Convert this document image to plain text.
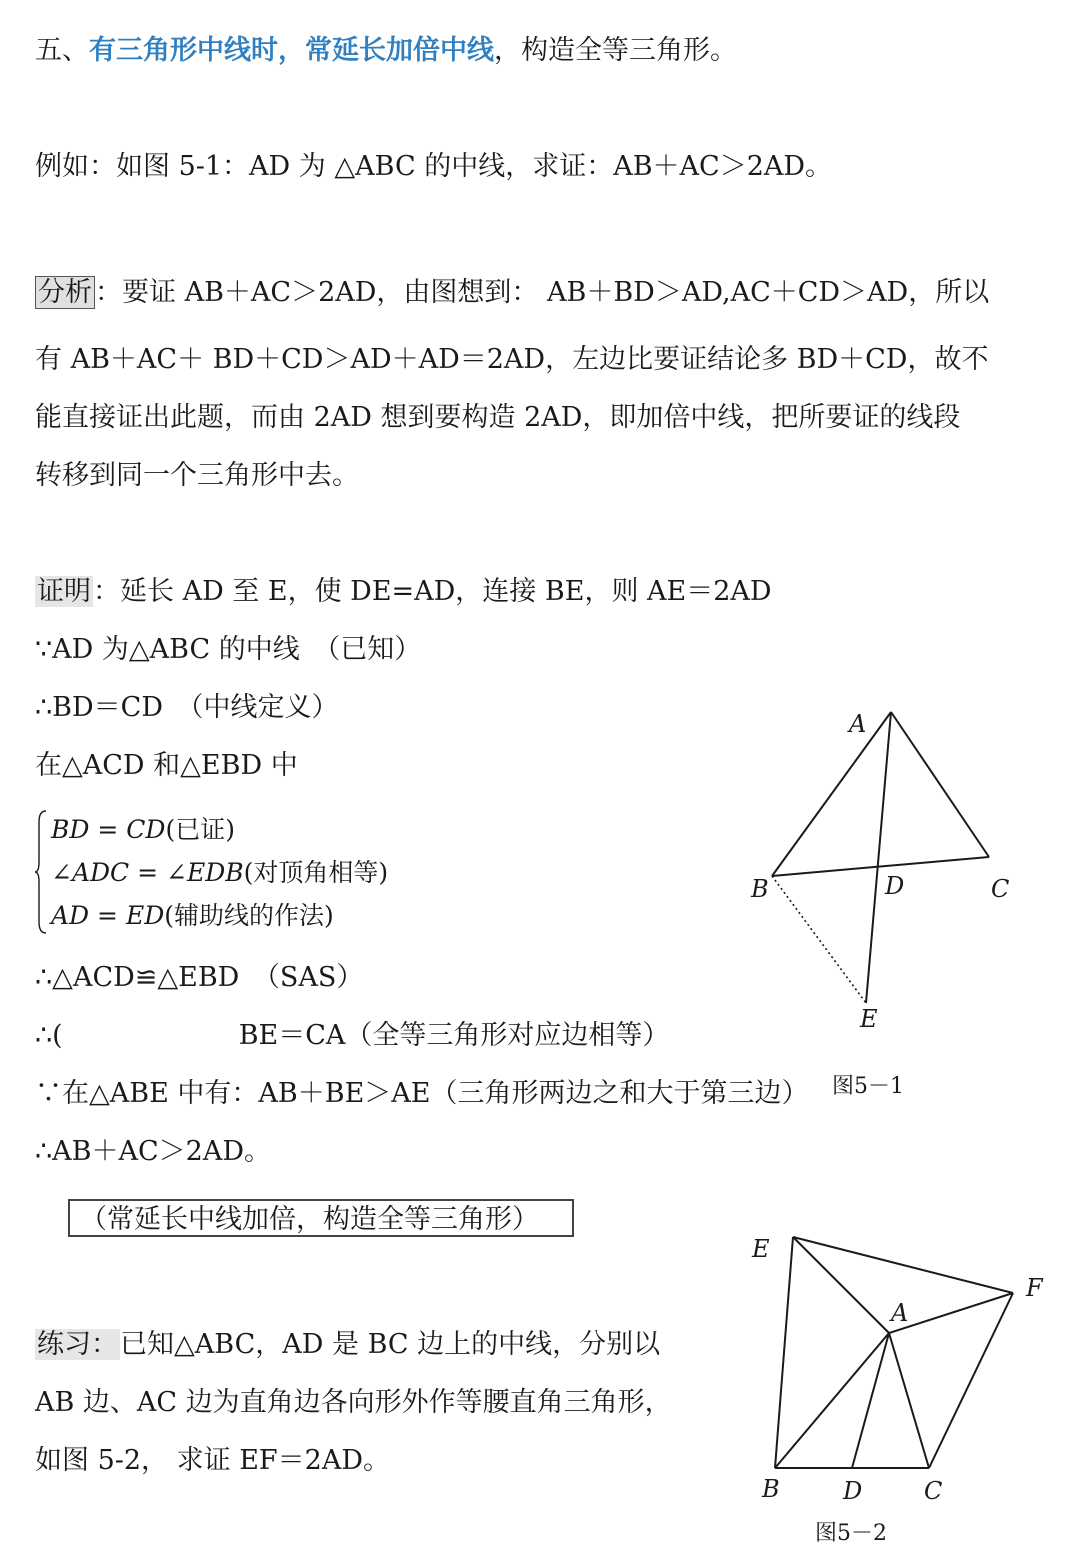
五、有三角形中线时，常延长加倍中线，构造全等三角形。
例如：如图 5-1：AD 为 △ABC 的中线，求证：AB＋AC＞2AD。
分析 ：要证 AB＋AC＞2AD，由图想到： AB＋BD＞AD,AC＋CD＞AD，所以
有 AB＋AC＋ BD＋CD＞AD＋AD＝2AD，左边比要证结论多 BD＋CD，故不
能直接证出此题，而由 2AD 想到要构造 2AD，即加倍中线，把所要证的线段
转移到同一个三角形中去。
证明：延长 AD 至 E，使 DE=AD，连接 BE，则 AE＝2AD
∵AD 为△ABC 的中线　（已知）
∴BD＝CD　（中线定义）
在△ACD 和△EBD 中
BD = CD(已证)
∠ADC = ∠EDB(对顶角相等)
AD = ED(辅助线的作法)
∴△ACD≌△EBD　（SAS）
∴(	BE＝CA（全等三角形对应边相等）
∵在△ABE 中有：AB＋BE＞AE（三角形两边之和大于第三边）
∴AB＋AC＞2AD。
（常延长中线加倍，构造全等三角形）
练习：已知△ABC，AD 是 BC 边上的中线，分别以
AB 边、AC 边为直角边各向形外作等腰直角三角形，
如图 5-2， 求证 EF＝2AD。
A
B	D	C
E
图5－1
E
F
A
B	D	C
图5－2
